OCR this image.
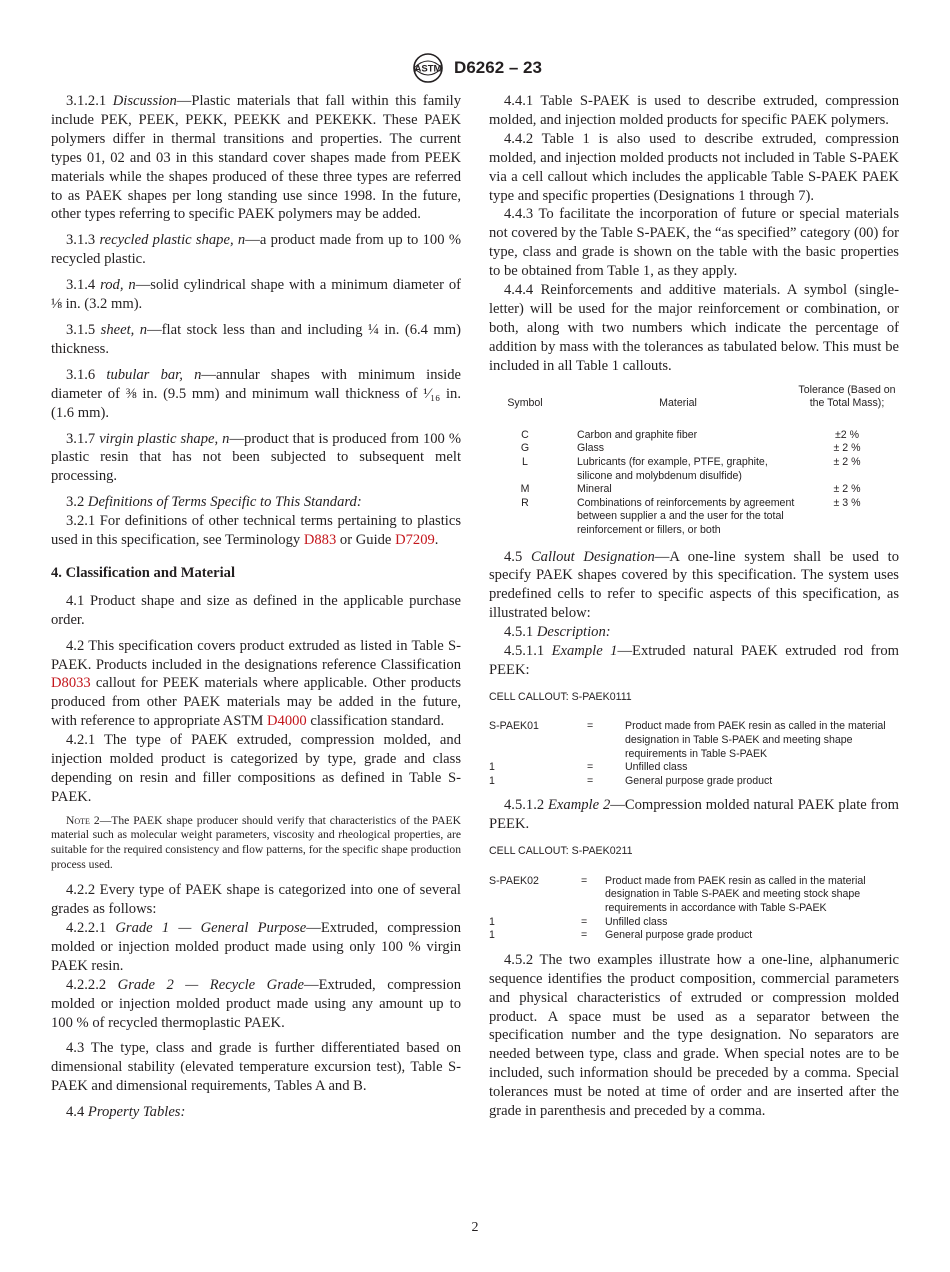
ASTM D6262 – 23

3.1.2.1 Discussion—Plastic materials that fall within this family include PEK, PEEK, PEKK, PEEKK and PEKEKK. These PAEK polymers differ in thermal transitions and properties. The current types 01, 02 and 03 in this standard cover shapes made from PEEK materials while the shapes produced of these three types are referred to as PAEK shapes per long standing use since 1998. In the future, other types referring to specific PAEK polymers may be added.

3.1.3 recycled plastic shape, n—a product made from up to 100 % recycled plastic.

3.1.4 rod, n—solid cylindrical shape with a minimum diameter of ⅛ in. (3.2 mm).

3.1.5 sheet, n—flat stock less than and including ¼ in. (6.4 mm) thickness.

3.1.6 tubular bar, n—annular shapes with minimum inside diameter of ⅜ in. (9.5 mm) and minimum wall thickness of ¹⁄₁₆ in. (1.6 mm).

3.1.7 virgin plastic shape, n—product that is produced from 100 % plastic resin that has not been subjected to subsequent melt processing.

3.2 Definitions of Terms Specific to This Standard:

3.2.1 For definitions of other technical terms pertaining to plastics used in this specification, see Terminology D883 or Guide D7209.

4. Classification and Material

4.1 Product shape and size as defined in the applicable purchase order.

4.2 This specification covers product extruded as listed in Table S-PAEK. Products included in the designations reference Classification D8033 callout for PEEK materials where applicable. Other products produced from other PAEK materials may be added in the future, with reference to appropriate ASTM D4000 classification standard.

4.2.1 The type of PAEK extruded, compression molded, and injection molded product is categorized by type, grade and class depending on resin and filler compositions as defined in Table S-PAEK.

Note 2—The PAEK shape producer should verify that characteristics of the PAEK material such as molecular weight parameters, viscosity and rheological properties, are suitable for the required consistency and flow patterns, for the specific shape production process used.

4.2.2 Every type of PAEK shape is categorized into one of several grades as follows:

4.2.2.1 Grade 1 — General Purpose—Extruded, compression molded or injection molded product made using only 100 % virgin PAEK resin.

4.2.2.2 Grade 2 — Recycle Grade—Extruded, compression molded or injection molded product made using any amount up to 100 % of recycled thermoplastic PAEK.

4.3 The type, class and grade is further differentiated based on dimensional stability (elevated temperature excursion test), Table S-PAEK and dimensional requirements, Tables A and B.

4.4 Property Tables:

4.4.1 Table S-PAEK is used to describe extruded, compression molded, and injection molded products for specific PAEK polymers.

4.4.2 Table 1 is also used to describe extruded, compression molded, and injection molded products not included in Table S-PAEK via a cell callout which includes the applicable Table S-PAEK PAEK type and specific properties (Designations 1 through 7).

4.4.3 To facilitate the incorporation of future or special materials not covered by the Table S-PAEK, the “as specified” category (00) for type, class and grade is shown on the table with the basic properties to be obtained from Table 1, as they apply.

4.4.4 Reinforcements and additive materials. A symbol (single-letter) will be used for the major reinforcement or combination, or both, along with two numbers which indicate the percentage of addition by mass with the tolerances as tabulated below. This must be included in all Table 1 callouts.

Symbol	Material	Tolerance (Based on the Total Mass);
C	Carbon and graphite fiber	±2 %
G	Glass	± 2 %
L	Lubricants (for example, PTFE, graphite, silicone and molybdenum disulfide)	± 2 %
M	Mineral	± 2 %
R	Combinations of reinforcements by agreement between supplier a and the user for the total reinforcement or fillers, or both	± 3 %

4.5 Callout Designation—A one-line system shall be used to specify PAEK shapes covered by this specification. The system uses predefined cells to refer to specific aspects of this specification, as illustrated below:

4.5.1 Description:

4.5.1.1 Example 1—Extruded natural PAEK extruded rod from PEEK:

CELL CALLOUT: S-PAEK0111
S-PAEK01	=	Product made from PAEK resin as called in the material designation in Table S-PAEK and meeting shape requirements in Table S-PAEK
1	=	Unfilled class
1	=	General purpose grade product

4.5.1.2 Example 2—Compression molded natural PAEK plate from PEEK.

CELL CALLOUT: S-PAEK0211
S-PAEK02	=	Product made from PAEK resin as called in the material designation in Table S-PAEK and meeting stock shape requirements in accordance with Table S-PAEK
1	=	Unfilled class
1	=	General purpose grade product

4.5.2 The two examples illustrate how a one-line, alphanumeric sequence identifies the product composition, commercial parameters and physical characteristics of extruded or compression molded product. A space must be used as a separator between the specification number and the type designation. No separators are needed between type, class and grade. When special notes are to be included, such information should be preceded by a comma. Special tolerances must be noted at time of order and are inserted after the grade in parenthesis and preceded by a comma.

2
